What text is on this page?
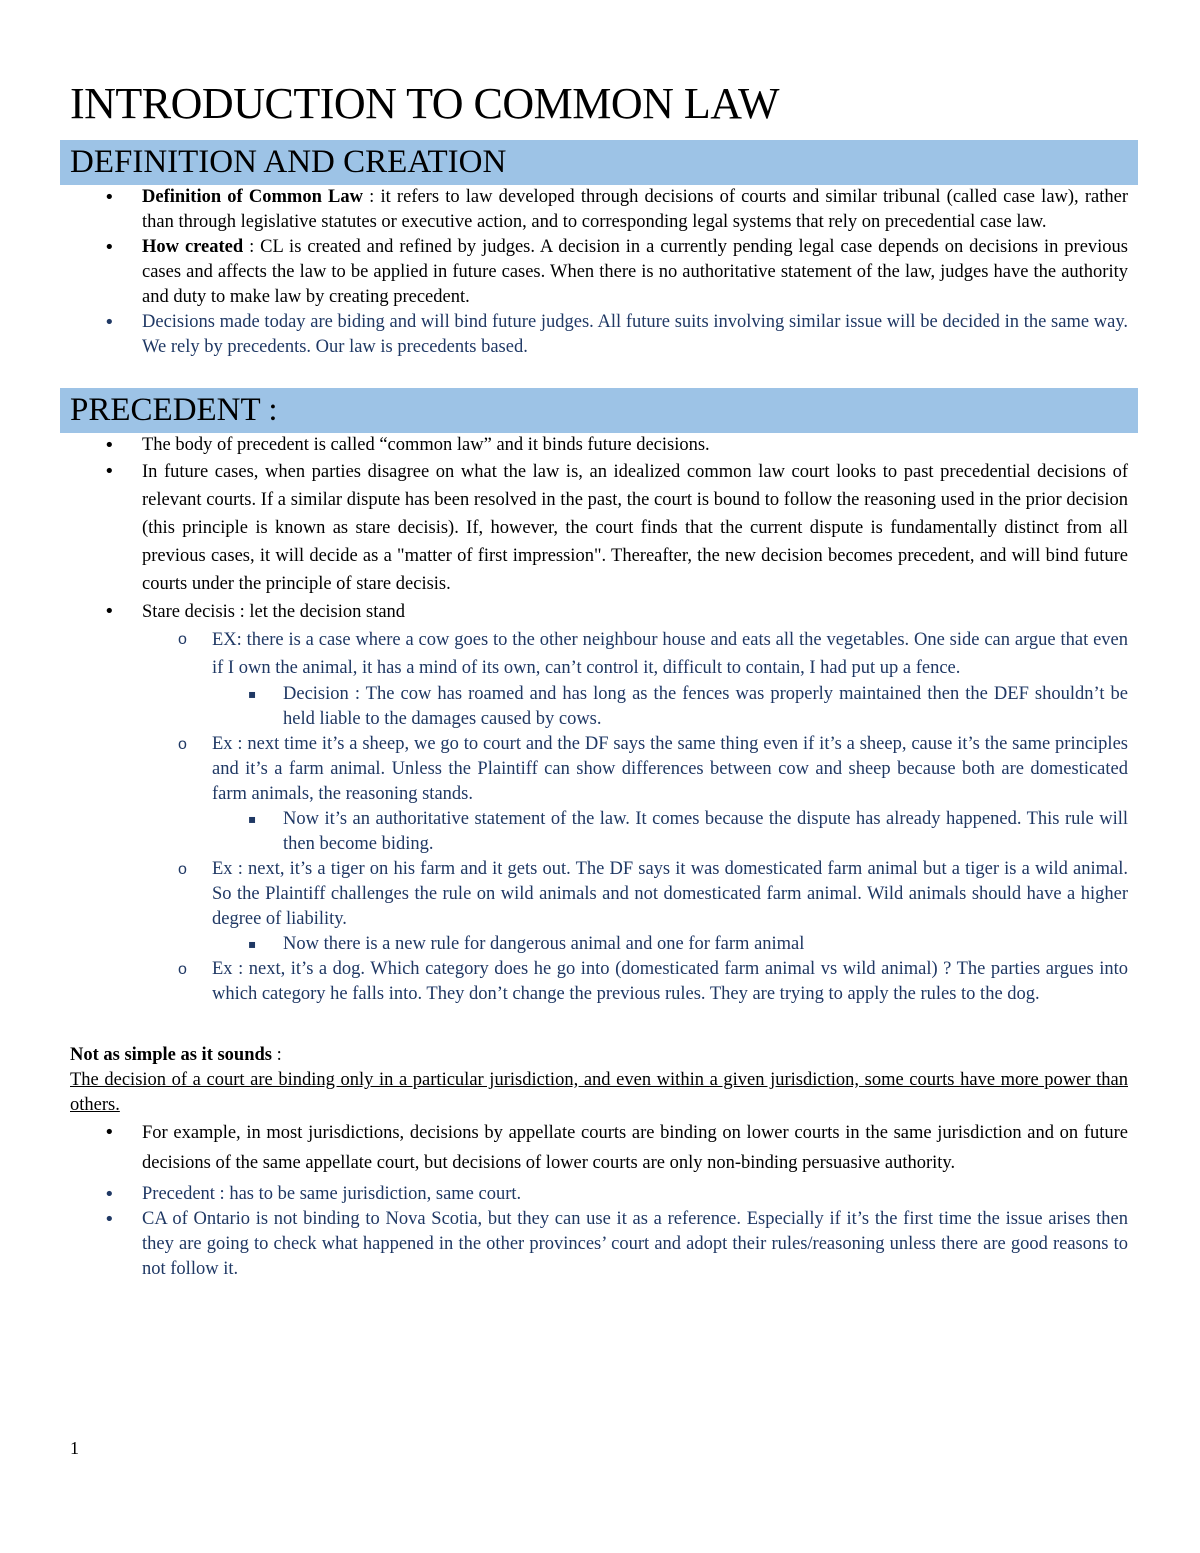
INTRODUCTION TO COMMON LAW
DEFINITION AND CREATION
• Definition of Common Law : it refers to law developed through decisions of courts and similar tribunal (called case law), rather than through legislative statutes or executive action, and to corresponding legal systems that rely on precedential case law.
• How created : CL is created and refined by judges. A decision in a currently pending legal case depends on decisions in previous cases and affects the law to be applied in future cases. When there is no authoritative statement of the law, judges have the authority and duty to make law by creating precedent.
• Decisions made today are biding and will bind future judges. All future suits involving similar issue will be decided in the same way. We rely by precedents. Our law is precedents based.
PRECEDENT :
• The body of precedent is called “common law” and it binds future decisions.
• In future cases, when parties disagree on what the law is, an idealized common law court looks to past precedential decisions of relevant courts. If a similar dispute has been resolved in the past, the court is bound to follow the reasoning used in the prior decision (this principle is known as stare decisis). If, however, the court finds that the current dispute is fundamentally distinct from all previous cases, it will decide as a "matter of first impression". Thereafter, the new decision becomes precedent, and will bind future courts under the principle of stare decisis.
• Stare decisis : let the decision stand
o EX: there is a case where a cow goes to the other neighbour house and eats all the vegetables. One side can argue that even if I own the animal, it has a mind of its own, can’t control it, difficult to contain, I had put up a fence.
▪ Decision : The cow has roamed and has long as the fences was properly maintained then the DEF shouldn’t be held liable to the damages caused by cows.
o Ex : next time it’s a sheep, we go to court and the DF says the same thing even if it’s a sheep, cause it’s the same principles and it’s a farm animal. Unless the Plaintiff can show differences between cow and sheep because both are domesticated farm animals, the reasoning stands.
▪ Now it’s an authoritative statement of the law. It comes because the dispute has already happened. This rule will then become biding.
o Ex : next, it’s a tiger on his farm and it gets out. The DF says it was domesticated farm animal but a tiger is a wild animal. So the Plaintiff challenges the rule on wild animals and not domesticated farm animal. Wild animals should have a higher degree of liability.
▪ Now there is a new rule for dangerous animal and one for farm animal
o Ex : next, it’s a dog. Which category does he go into (domesticated farm animal vs wild animal) ? The parties argues into which category he falls into. They don’t change the previous rules. They are trying to apply the rules to the dog.
Not as simple as it sounds :
The decision of a court are binding only in a particular jurisdiction, and even within a given jurisdiction, some courts have more power than others.
• For example, in most jurisdictions, decisions by appellate courts are binding on lower courts in the same jurisdiction and on future decisions of the same appellate court, but decisions of lower courts are only non-binding persuasive authority.
• Precedent : has to be same jurisdiction, same court.
• CA of Ontario is not binding to Nova Scotia, but they can use it as a reference. Especially if it’s the first time the issue arises then they are going to check what happened in the other provinces’ court and adopt their rules/reasoning unless there are good reasons to not follow it.
1
